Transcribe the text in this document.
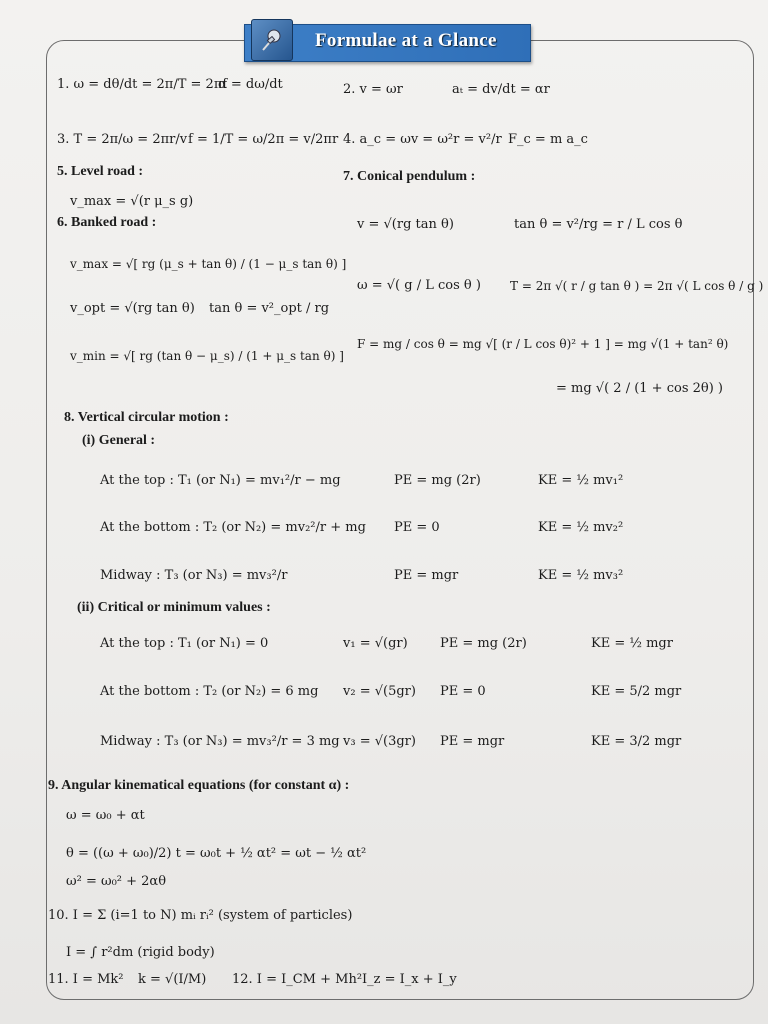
Formulae at a Glance
1. ω = dθ/dt = 2π/T = 2πf
α = dω/dt	2. v = ωr	aₜ = dv/dt = αr
3. T = 2π/ω = 2πr/v f = 1/T = ω/2π = v/2πr 4. a_c = ωv = ω²r = v²/r F_c = m a_c
5. Level road :	7. Conical pendulum :
v_max = √(r μ_s g)
6. Banked road :	v = √(rg tan θ)	tan θ = v²/rg = r / L cos θ
v_max = √[ rg (μ_s + tan θ) / (1 − μ_s tan θ) ]
ω = √( g / L cos θ ) T = 2π √( r / g tan θ ) = 2π √( L cos θ / g )
v_opt = √(rg tan θ) tan θ = v²_opt / rg
F = mg / cos θ = mg √[ (r / L cos θ)² + 1 ] = mg √(1 + tan² θ)
v_min = √[ rg (tan θ − μ_s) / (1 + μ_s tan θ) ]
= mg √( 2 / (1 + cos 2θ) )
8. Vertical circular motion :
(i) General :
At the top : T₁ (or N₁) = mv₁²/r − mg	PE = mg (2r)	KE = ½ mv₁²
At the bottom : T₂ (or N₂) = mv₂²/r + mg PE = 0	KE = ½ mv₂²
Midway : T₃ (or N₃) = mv₃²/r	PE = mgr	KE = ½ mv₃²
(ii) Critical or minimum values :
At the top : T₁ (or N₁) = 0	v₁ = √(gr) PE = mg (2r)	KE = ½ mgr
At the bottom : T₂ (or N₂) = 6 mg v₂ = √(5gr) PE = 0	KE = 5/2 mgr
Midway : T₃ (or N₃) = mv₃²/r = 3 mg v₃ = √(3gr) PE = mgr	KE = 3/2 mgr
9. Angular kinematical equations (for constant α) :
ω = ω₀ + αt
θ = ((ω + ω₀)/2) t = ω₀t + ½ αt² = ωt − ½ αt²
ω² = ω₀² + 2αθ
10. I = Σ (i=1 to N) mᵢ rᵢ² (system of particles)
I = ∫ r²dm (rigid body)
11. I = Mk² k = √(I/M) 12. I = I_CM + Mh² I_z = I_x + I_y
